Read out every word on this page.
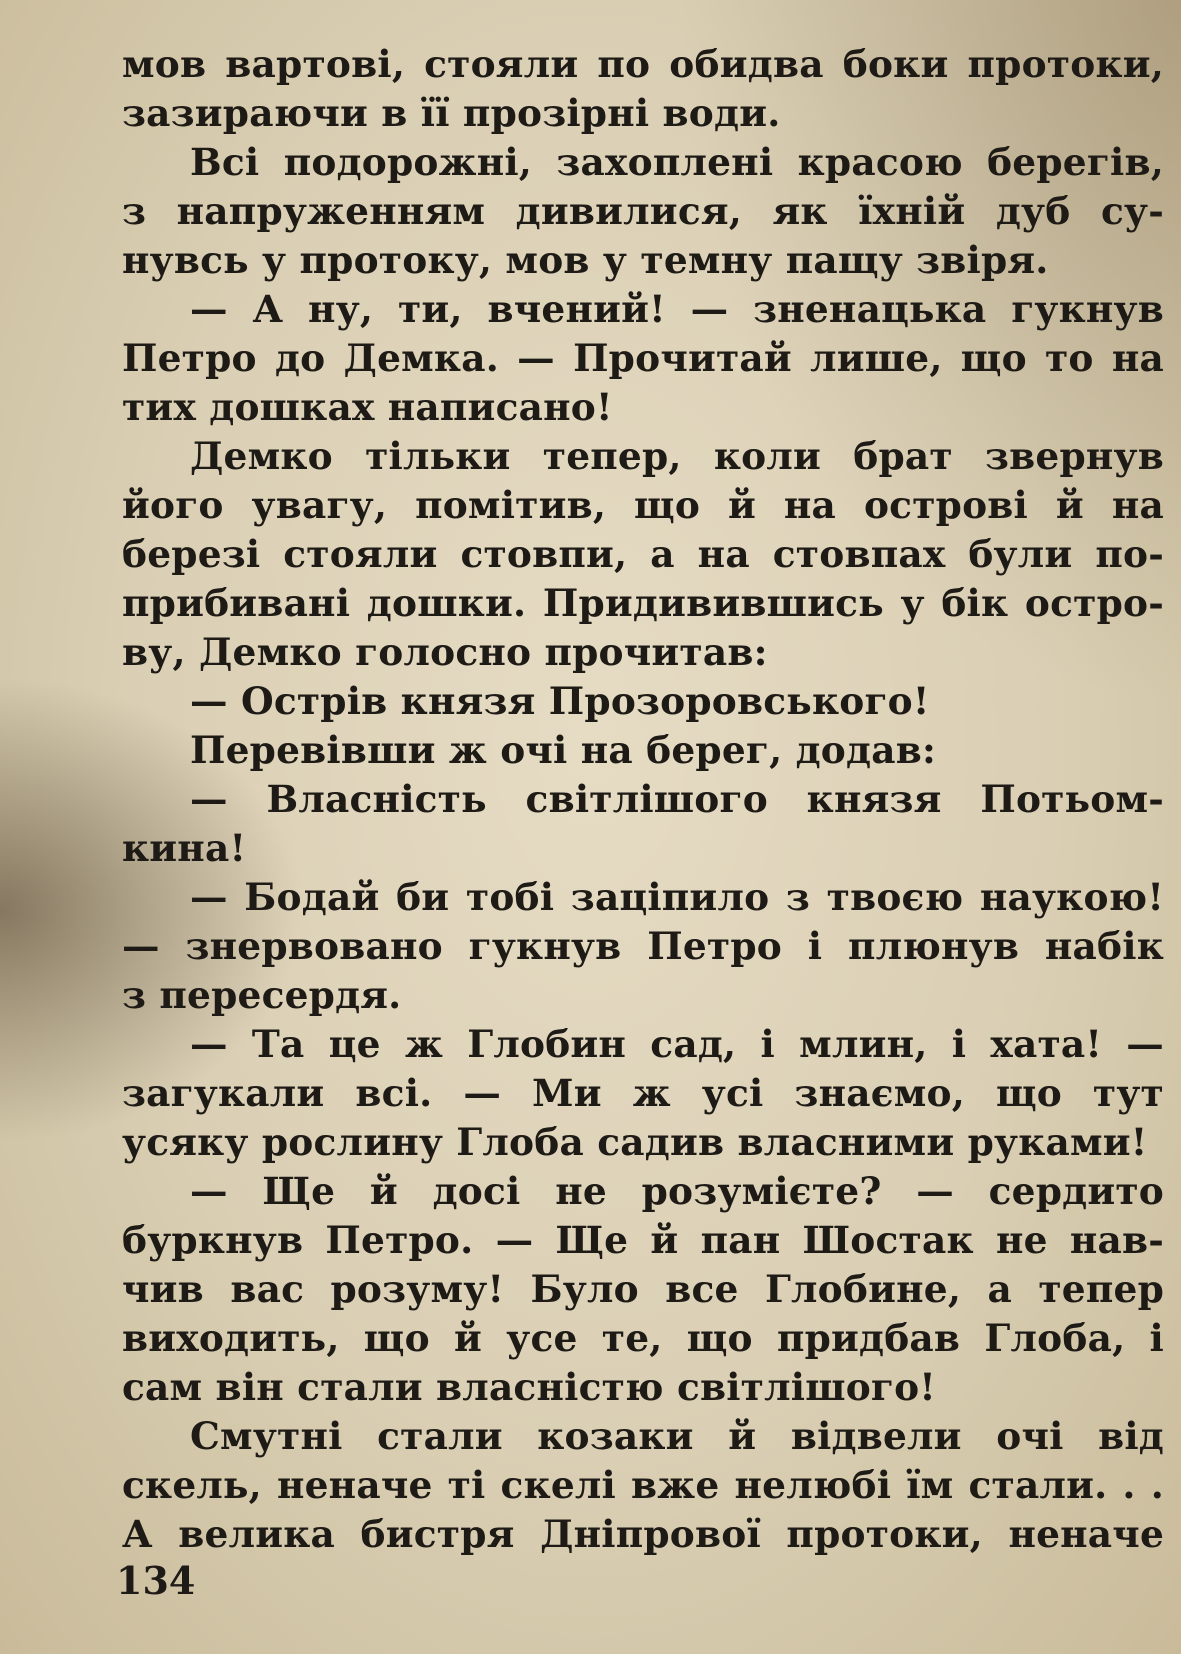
мов вартові, стояли по обидва боки протоки,
зазираючи в її прозірні води.
Всі подорожні, захоплені красою берегів,
з напруженням дивилися, як їхній дуб су-
нувсь у протоку, мов у темну пащу звіря.
— А ну, ти, вчений! — зненацька гукнув
Петро до Демка. — Прочитай лише, що то на
тих дошках написано!
Демко тільки тепер, коли брат звернув
його увагу, помітив, що й на острові й на
березі стояли стовпи, а на стовпах були по-
прибивані дошки. Придивившись у бік остро-
ву, Демко голосно прочитав:
— Острів князя Прозоровського!
Перевівши ж очі на берег, додав:
— Власність світлішого князя Потьом-
кина!
— Бодай би тобі заціпило з твоєю наукою!
— знервовано гукнув Петро і плюнув набік
з пересердя.
— Та це ж Глобин сад, і млин, і хата! —
загукали всі. — Ми ж усі знаємо, що тут
усяку рослину Глоба садив власними руками!
— Ще й досі не розумієте? — сердито
буркнув Петро. — Ще й пан Шостак не нав-
чив вас розуму! Було все Глобине, а тепер
виходить, що й усе те, що придбав Глоба, і
сам він стали власністю світлішого!
Смутні стали козаки й відвели очі від
скель, неначе ті скелі вже нелюбі їм стали. . .
А велика бистря Дніпрової протоки, неначе
134
